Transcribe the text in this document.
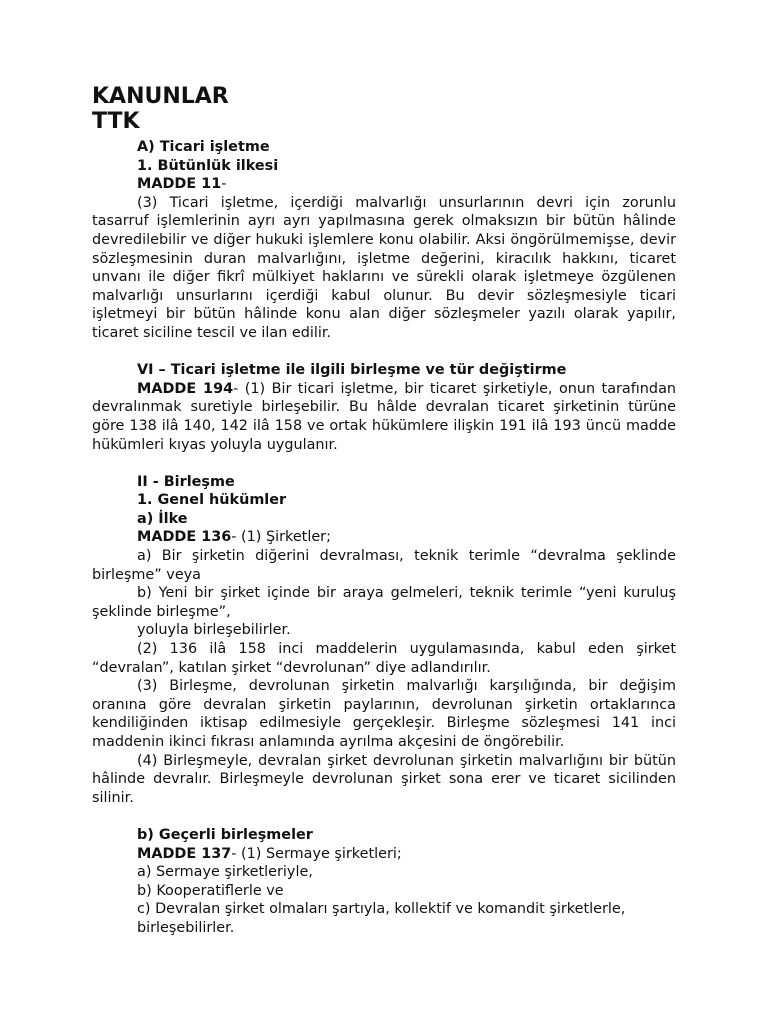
KANUNLAR
TTK

A) Ticari işletme

1. Bütünlük ilkesi

MADDE 11-

(3) Ticari işletme, içerdiği malvarlığı unsurlarının devri için zorunlu tasarruf işlemlerinin ayrı ayrı yapılmasına gerek olmaksızın bir bütün hâlinde devredilebilir ve diğer hukuki işlemlere konu olabilir. Aksi öngörülmemişse, devir sözleşmesinin duran malvarlığını, işletme değerini, kiracılık hakkını, ticaret unvanı ile diğer fikrî mülkiyet haklarını ve sürekli olarak işletmeye özgülenen malvarlığı unsurlarını içerdiği kabul olunur. Bu devir sözleşmesiyle ticari işletmeyi bir bütün hâlinde konu alan diğer sözleşmeler yazılı olarak yapılır, ticaret siciline tescil ve ilan edilir.

VI – Ticari işletme ile ilgili birleşme ve tür değiştirme

MADDE 194- (1) Bir ticari işletme, bir ticaret şirketiyle, onun tarafından devralınmak suretiyle birleşebilir. Bu hâlde devralan ticaret şirketinin türüne göre 138 ilâ 140, 142 ilâ 158 ve ortak hükümlere ilişkin 191 ilâ 193 üncü madde hükümleri kıyas yoluyla uygulanır.

II - Birleşme

1. Genel hükümler

a) İlke

MADDE 136- (1) Şirketler;

a) Bir şirketin diğerini devralması, teknik terimle “devralma şeklinde birleşme” veya

b) Yeni bir şirket içinde bir araya gelmeleri, teknik terimle “yeni kuruluş şeklinde birleşme”,

yoluyla birleşebilirler.

(2) 136 ilâ 158 inci maddelerin uygulamasında, kabul eden şirket “devralan”, katılan şirket “devrolunan” diye adlandırılır.

(3) Birleşme, devrolunan şirketin malvarlığı karşılığında, bir değişim oranına göre devralan şirketin paylarının, devrolunan şirketin ortaklarınca kendiliğinden iktisap edilmesiyle gerçekleşir. Birleşme sözleşmesi 141 inci maddenin ikinci fıkrası anlamında ayrılma akçesini de öngörebilir.

(4) Birleşmeyle, devralan şirket devrolunan şirketin malvarlığını bir bütün hâlinde devralır. Birleşmeyle devrolunan şirket sona erer ve ticaret sicilinden silinir.

b) Geçerli birleşmeler

MADDE 137- (1) Sermaye şirketleri;

a) Sermaye şirketleriyle,

b) Kooperatiflerle ve

c) Devralan şirket olmaları şartıyla, kollektif ve komandit şirketlerle,

birleşebilirler.
